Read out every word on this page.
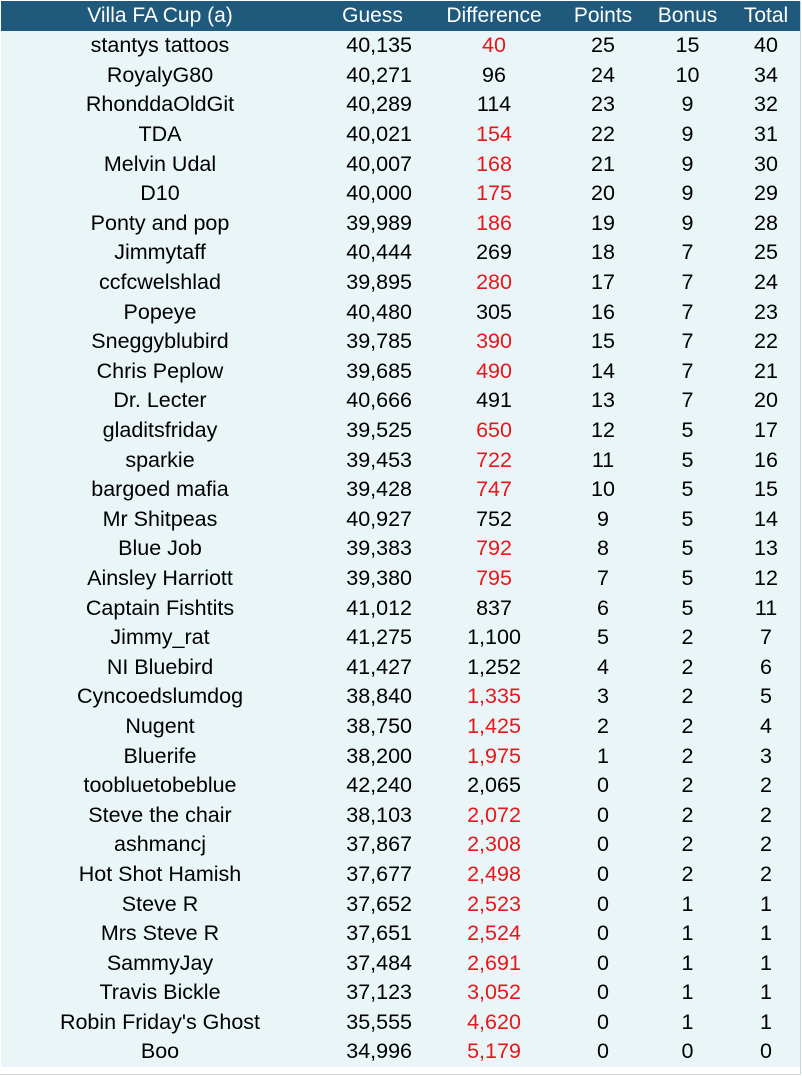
Villa FA Cup (a)	Guess	Difference	Points	Bonus	Total
stantys tattoos	40,135	40	25	15	40
RoyalyG80	40,271	96	24	10	34
RhonddaOldGit	40,289	114	23	9	32
TDA	40,021	154	22	9	31
Melvin Udal	40,007	168	21	9	30
D10	40,000	175	20	9	29
Ponty and pop	39,989	186	19	9	28
Jimmytaff	40,444	269	18	7	25
ccfcwelshlad	39,895	280	17	7	24
Popeye	40,480	305	16	7	23
Sneggyblubird	39,785	390	15	7	22
Chris Peplow	39,685	490	14	7	21
Dr. Lecter	40,666	491	13	7	20
gladitsfriday	39,525	650	12	5	17
sparkie	39,453	722	11	5	16
bargoed mafia	39,428	747	10	5	15
Mr Shitpeas	40,927	752	9	5	14
Blue Job	39,383	792	8	5	13
Ainsley Harriott	39,380	795	7	5	12
Captain Fishtits	41,012	837	6	5	11
Jimmy_rat	41,275	1,100	5	2	7
NI Bluebird	41,427	1,252	4	2	6
Cyncoedslumdog	38,840	1,335	3	2	5
Nugent	38,750	1,425	2	2	4
Bluerife	38,200	1,975	1	2	3
toobluetobeblue	42,240	2,065	0	2	2
Steve the chair	38,103	2,072	0	2	2
ashmancj	37,867	2,308	0	2	2
Hot Shot Hamish	37,677	2,498	0	2	2
Steve R	37,652	2,523	0	1	1
Mrs Steve R	37,651	2,524	0	1	1
SammyJay	37,484	2,691	0	1	1
Travis Bickle	37,123	3,052	0	1	1
Robin Friday's Ghost	35,555	4,620	0	1	1
Boo	34,996	5,179	0	0	0
